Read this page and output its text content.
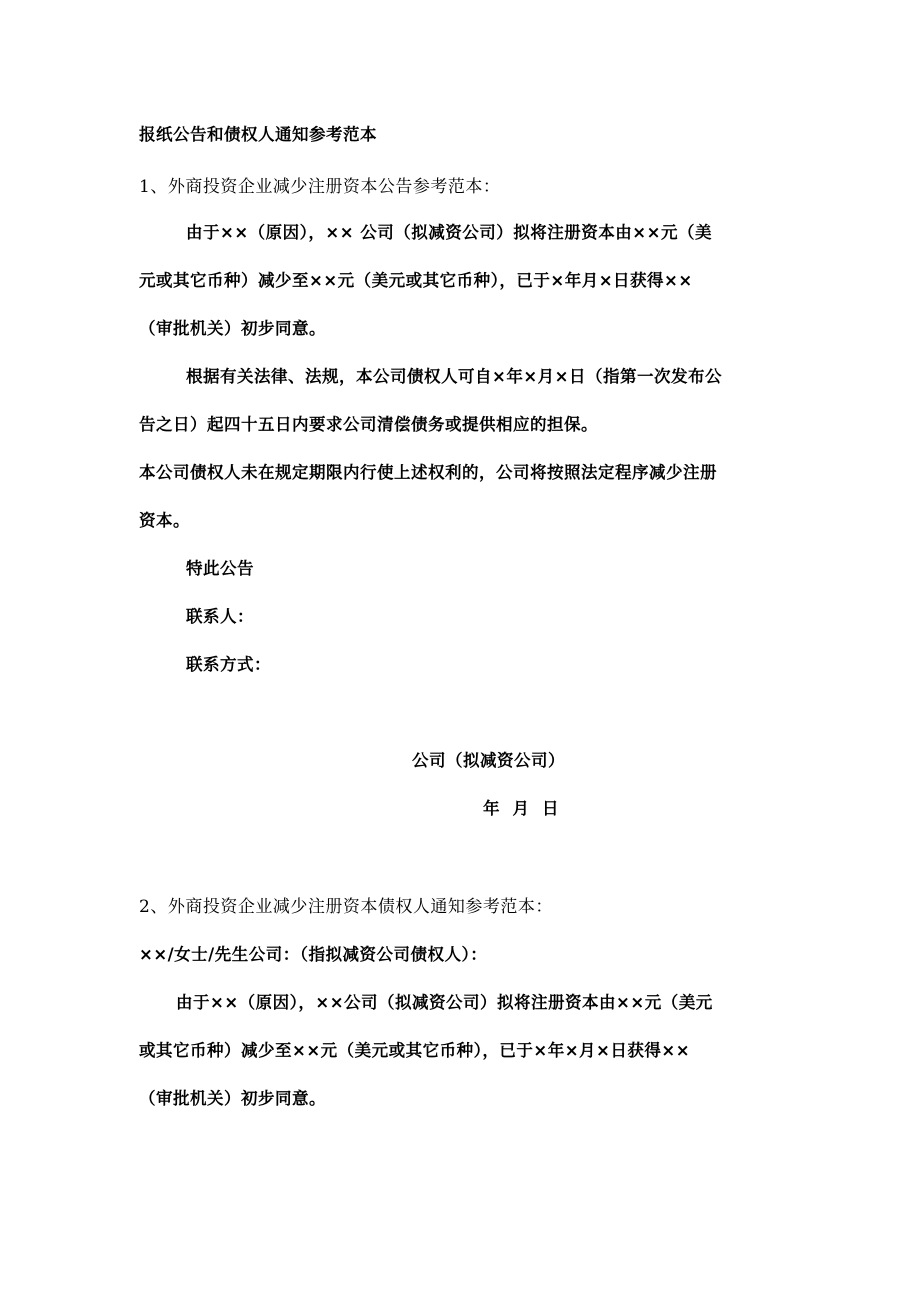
报纸公告和债权人通知参考范本
1、外商投资企业减少注册资本公告参考范本：
由于××（原因），×× 公司（拟减资公司）拟将注册资本由××元（美
元或其它币种）减少至××元（美元或其它币种），已于×年月×日获得××
（审批机关）初步同意。
根据有关法律、法规，本公司债权人可自×年×月×日（指第一次发布公
告之日）起四十五日内要求公司清偿债务或提供相应的担保。
本公司债权人未在规定期限内行使上述权利的，公司将按照法定程序减少注册
资本。
特此公告
联系人：
联系方式：
公司（拟减资公司）
年  月  日
2、外商投资企业减少注册资本债权人通知参考范本：
××/女士/先生公司：（指拟减资公司债权人）：
由于××（原因），××公司（拟减资公司）拟将注册资本由××元（美元
或其它币种）减少至××元（美元或其它币种），已于×年×月×日获得××
（审批机关）初步同意。
